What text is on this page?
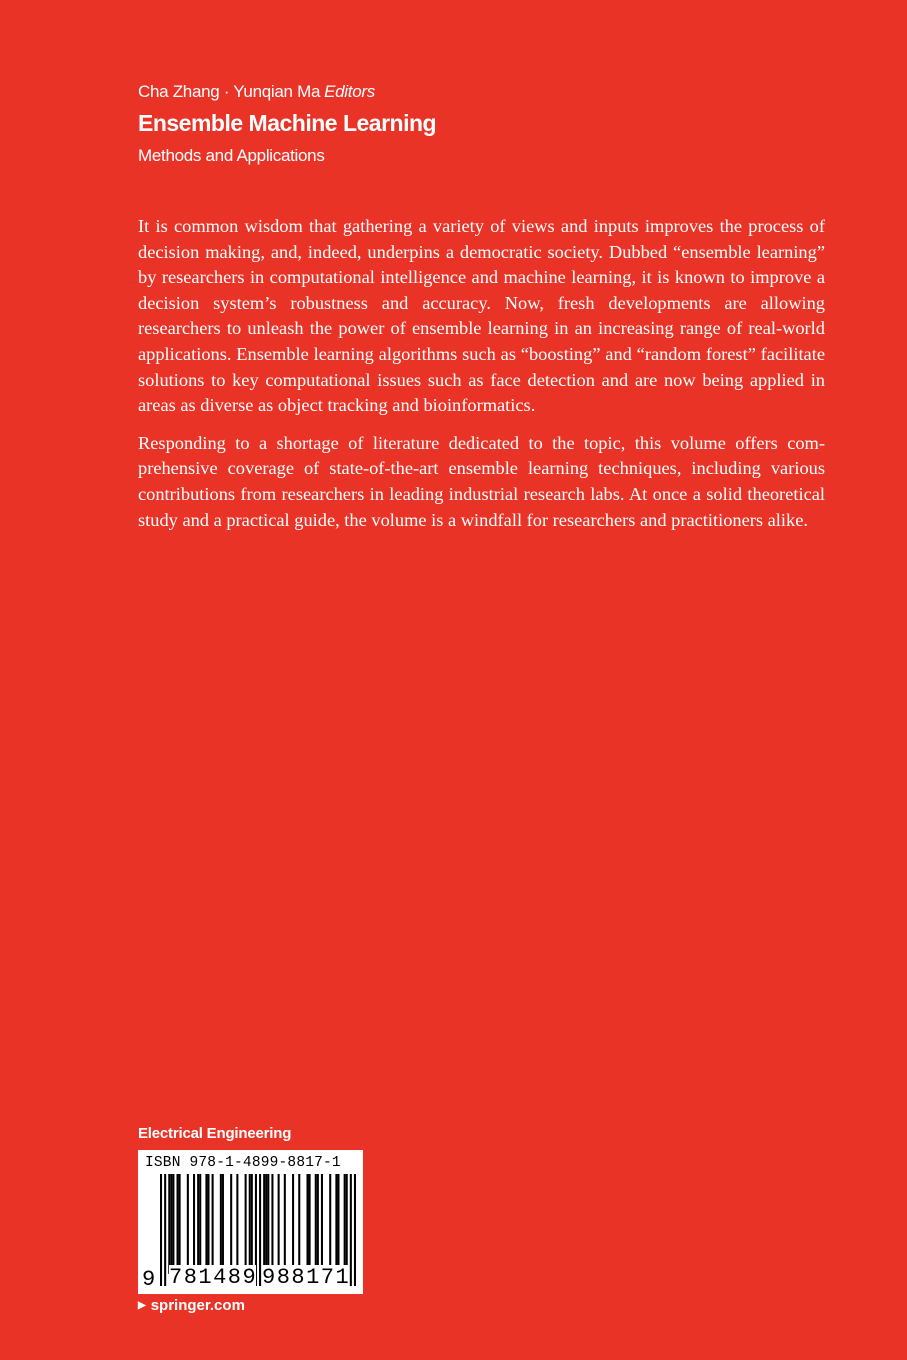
Cha Zhang · Yunqian Ma Editors
Ensemble Machine Learning
Methods and Applications

It is common wisdom that gathering a variety of views and inputs improves the process of decision making, and, indeed, underpins a democratic society. Dubbed “ensemble learning” by researchers in computational intelligence and machine learning, it is known to improve a decision system’s robustness and accuracy. Now, fresh developments are allowing researchers to unleash the power of ensemble learning in an increasing range of real-world applications. Ensemble learning algorithms such as “boosting” and “random forest” facilitate solutions to key computational issues such as face detection and are now being applied in areas as diverse as object tracking and bioinformatics.

Responding to a shortage of literature dedicated to the topic, this volume offers comprehensive coverage of state-of-the-art ensemble learning techniques, including various contributions from researchers in leading industrial research labs. At once a solid theoretical study and a practical guide, the volume is a windfall for researchers and practitioners alike.

Electrical Engineering
ISBN 978-1-4899-8817-1
9 781489 988171
▶ springer.com
